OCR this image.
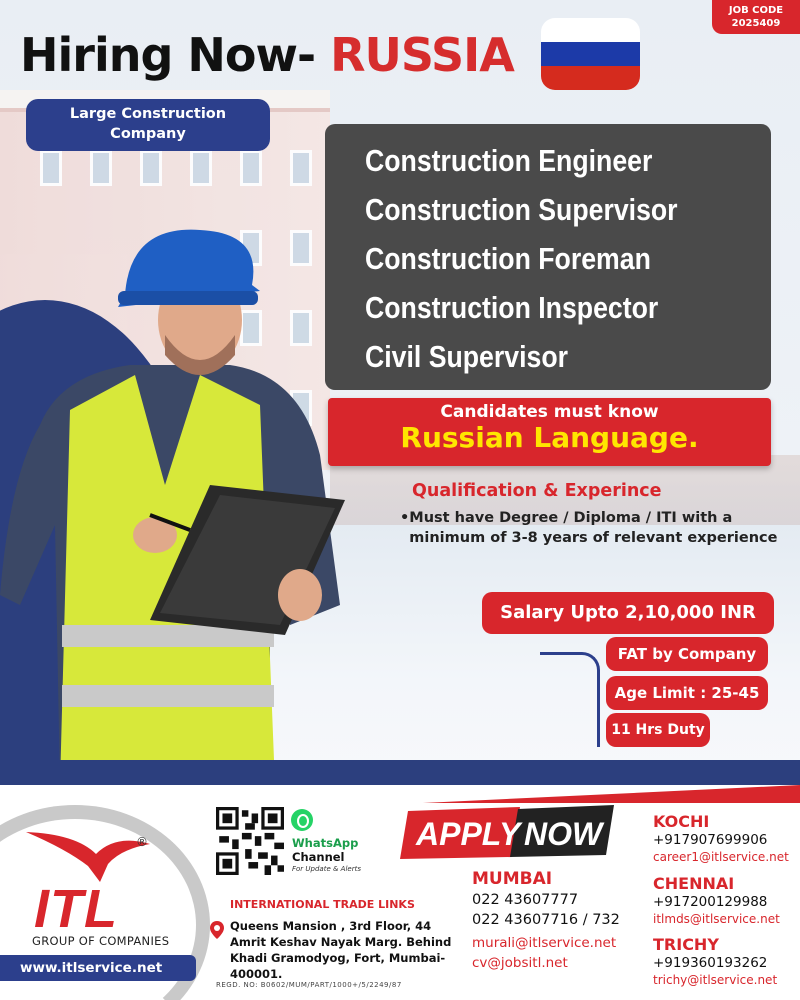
JOB CODE
2025409
Hiring Now- RUSSIA
Large Construction
Company
Construction Engineer
Construction Supervisor
Construction Foreman
Construction Inspector
Civil Supervisor
Candidates must know
Russian Language.
Qualification & Experince
• Must have Degree / Diploma / ITI with a minimum of 3-8 years of relevant experience
Salary Upto 2,10,000 INR
FAT by Company
Age Limit : 25-45
11 Hrs Duty
®
ITL
GROUP OF COMPANIES
www.itlservice.net
WhatsApp
Channel
For Update & Alerts
INTERNATIONAL TRADE LINKS
Queens Mansion , 3rd Floor, 44 Amrit Keshav Nayak Marg. Behind Khadi Gramodyog, Fort, Mumbai- 400001.
REGD. NO: B0602/MUM/PART/1000+/5/2249/87
APPLY NOW
MUMBAI
022 43607777
022 43607716 / 732
murali@itlservice.net
cv@jobsitl.net
KOCHI
+917907699906
career1@itlservice.net
CHENNAI
+917200129988
itlmds@itlservice.net
TRICHY
+919360193262
trichy@itlservice.net
